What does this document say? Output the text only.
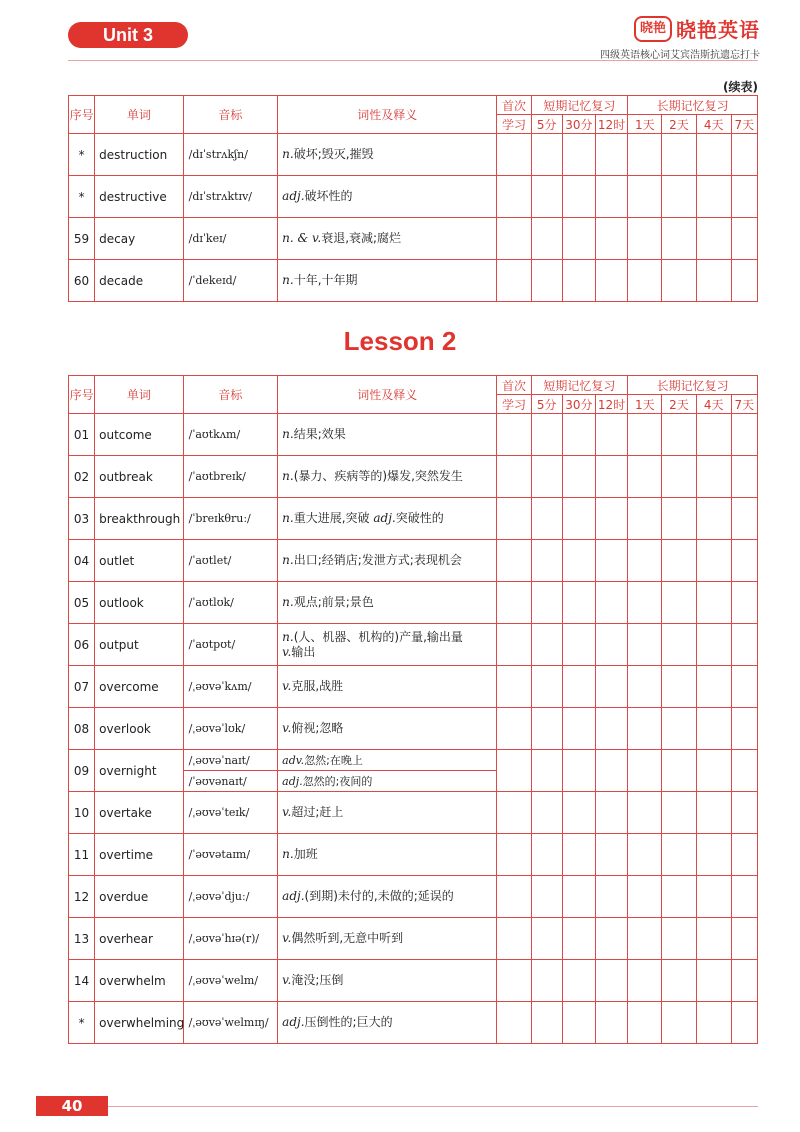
Unit 3	晓艳 晓艳英语
四级英语核心词艾宾浩斯抗遗忘打卡
(续表)
序号	单词	音标	词性及释义	首次	短期记忆复习			长期记忆复习			
				学习	5分	30分	12时	1天	2天	4天	7天
*	destruction	/dɪˈstrʌkʃn/	n.破坏;毁灭,摧毁								
*	destructive	/dɪˈstrʌktɪv/	adj.破坏性的								
59	decay	/dɪˈkeɪ/	n. & v.衰退,衰减;腐烂								
60	decade	/ˈdekeɪd/	n.十年,十年期								
Lesson 2
序号	单词	音标	词性及释义	首次	短期记忆复习			长期记忆复习			
				学习	5分	30分	12时	1天	2天	4天	7天
01	outcome	/ˈaʊtkʌm/	n.结果;效果								
02	outbreak	/ˈaʊtbreɪk/	n.(暴力、疾病等的)爆发,突然发生								
03	breakthrough	/ˈbreɪkθruː/	n.重大进展,突破 adj.突破性的								
04	outlet	/ˈaʊtlet/	n.出口;经销店;发泄方式;表现机会								
05	outlook	/ˈaʊtlʊk/	n.观点;前景;景色								
06	output	/ˈaʊtpʊt/	n.(人、机器、机构的)产量,输出量
v.输出								
07	overcome	/ˌəʊvəˈkʌm/	v.克服,战胜								
08	overlook	/ˌəʊvəˈlʊk/	v.俯视;忽略								
09	overnight	/ˌəʊvəˈnaɪt/	adv.忽然;在晚上								
		/ˈəʊvənaɪt/	adj.忽然的;夜间的								
10	overtake	/ˌəʊvəˈteɪk/	v.超过;赶上								
11	overtime	/ˈəʊvətaɪm/	n.加班								
12	overdue	/ˌəʊvəˈdjuː/	adj.(到期)未付的,未做的;延误的								
13	overhear	/ˌəʊvəˈhɪə(r)/	v.偶然听到,无意中听到								
14	overwhelm	/ˌəʊvəˈwelm/	v.淹没;压倒								
*	overwhelming	/ˌəʊvəˈwelmɪŋ/	adj.压倒性的;巨大的								
40
